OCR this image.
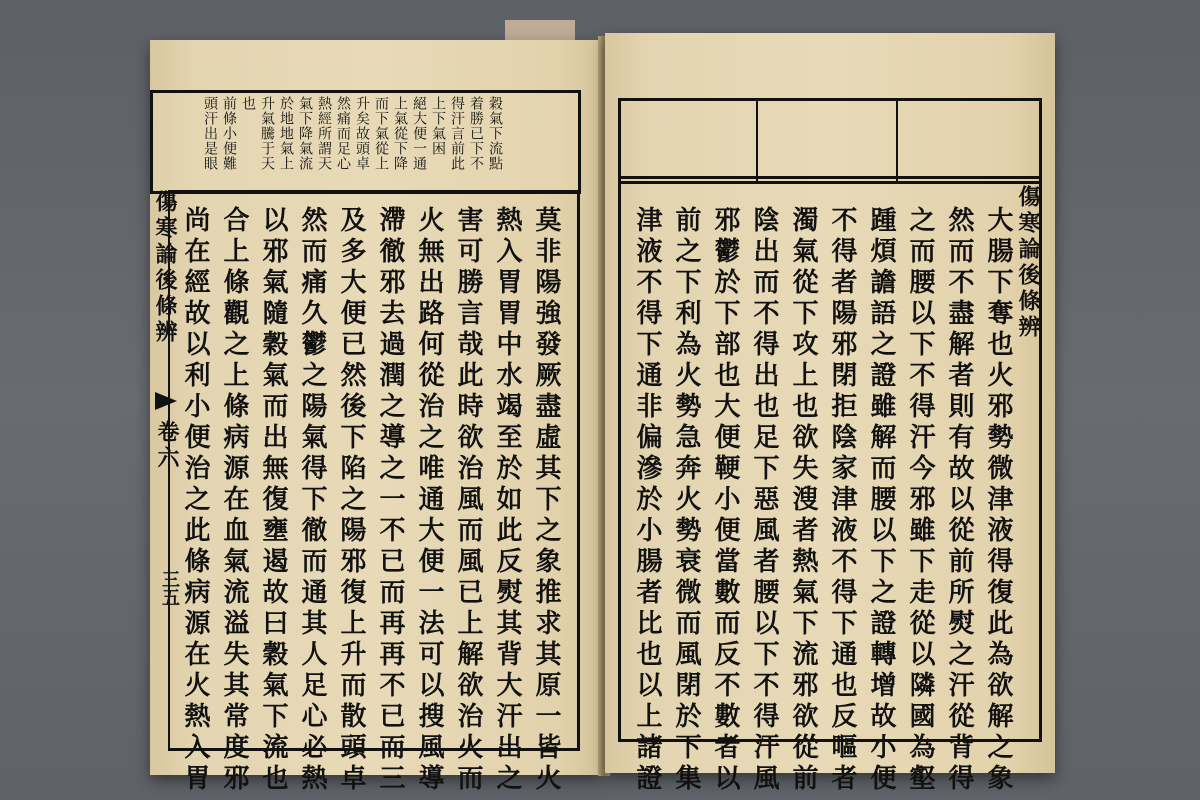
穀氣下流點
着勝已下不
得汗言前此
上下氣困
絕大便一通
上氣從下降
而下氣從上
升矣故頭卓
然痛而足心
熱經所謂天
氣下降氣流
於地地氣上
升氣騰于天
也
前條小便難
頭汗出是眼
莫非陽強發厥盡虛其下之象推求其原一皆火
熱入胃胃中水竭至於如此反熨其背大汗出之
害可勝言哉此時欲治風而風已上解欲治火而
火無出路何從治之唯通大便一法可以搜風導
滯徹邪去過潤之導之一不已而再再不已而三
及多大便已然後下陷之陽邪復上升而散頭卓
然而痛久鬱之陽氣得下徹而通其人足心必熱
以邪氣隨穀氣而出無復壅遏故曰穀氣下流也
合上條觀之上條病源在血氣流溢失其常度邪
尚在經故以利小便治之此條病源在火熱入胃
傷寒論後條辨
卷六
三五
傷寒論後條辨
大腸下奪也火邪勢微津液得復此為欲解之象
然而不盡解者則有故以從前所熨之汗從背得
之而腰以下不得汗今邪雖下走從以隣國為壑
踵煩譫語之證雖解而腰以下之證轉增故小便
不得者陽邪閉拒陰家津液不得下通也反嘔者
濁氣從下攻上也欲失溲者熱氣下流邪欲從前
陰出而不得出也足下惡風者腰以下不得汗風
邪鬱於下部也大便鞕小便當數而反不數者以
前之下利為火勢急奔火勢衰微而風閉於下集
津液不得下通非偏滲於小腸者比也以上諸證
